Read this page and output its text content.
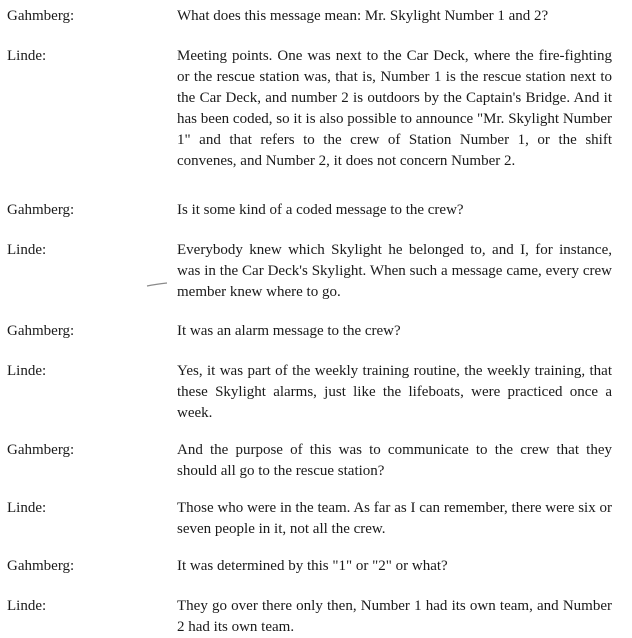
Gahmberg:	What does this message mean: Mr. Skylight Number 1 and 2?
Linde:	Meeting points. One was next to the Car Deck, where the fire-fighting or the rescue station was, that is, Number 1 is the rescue station next to the Car Deck, and number 2 is outdoors by the Captain's Bridge. And it has been coded, so it is also possible to announce "Mr. Skylight Number 1" and that refers to the crew of Station Number 1, or the shift convenes, and Number 2, it does not concern Number 2.
Gahmberg:	Is it some kind of a coded message to the crew?
Linde:	Everybody knew which Skylight he belonged to, and I, for instance, was in the Car Deck's Skylight. When such a message came, every crew member knew where to go.
Gahmberg:	It was an alarm message to the crew?
Linde:	Yes, it was part of the weekly training routine, the weekly training, that these Skylight alarms, just like the lifeboats, were practiced once a week.
Gahmberg:	And the purpose of this was to communicate to the crew that they should all go to the rescue station?
Linde:	Those who were in the team. As far as I can remember, there were six or seven people in it, not all the crew.
Gahmberg:	It was determined by this "1" or "2" or what?
Linde:	They go over there only then, Number 1 had its own team, and Number 2 had its own team.
